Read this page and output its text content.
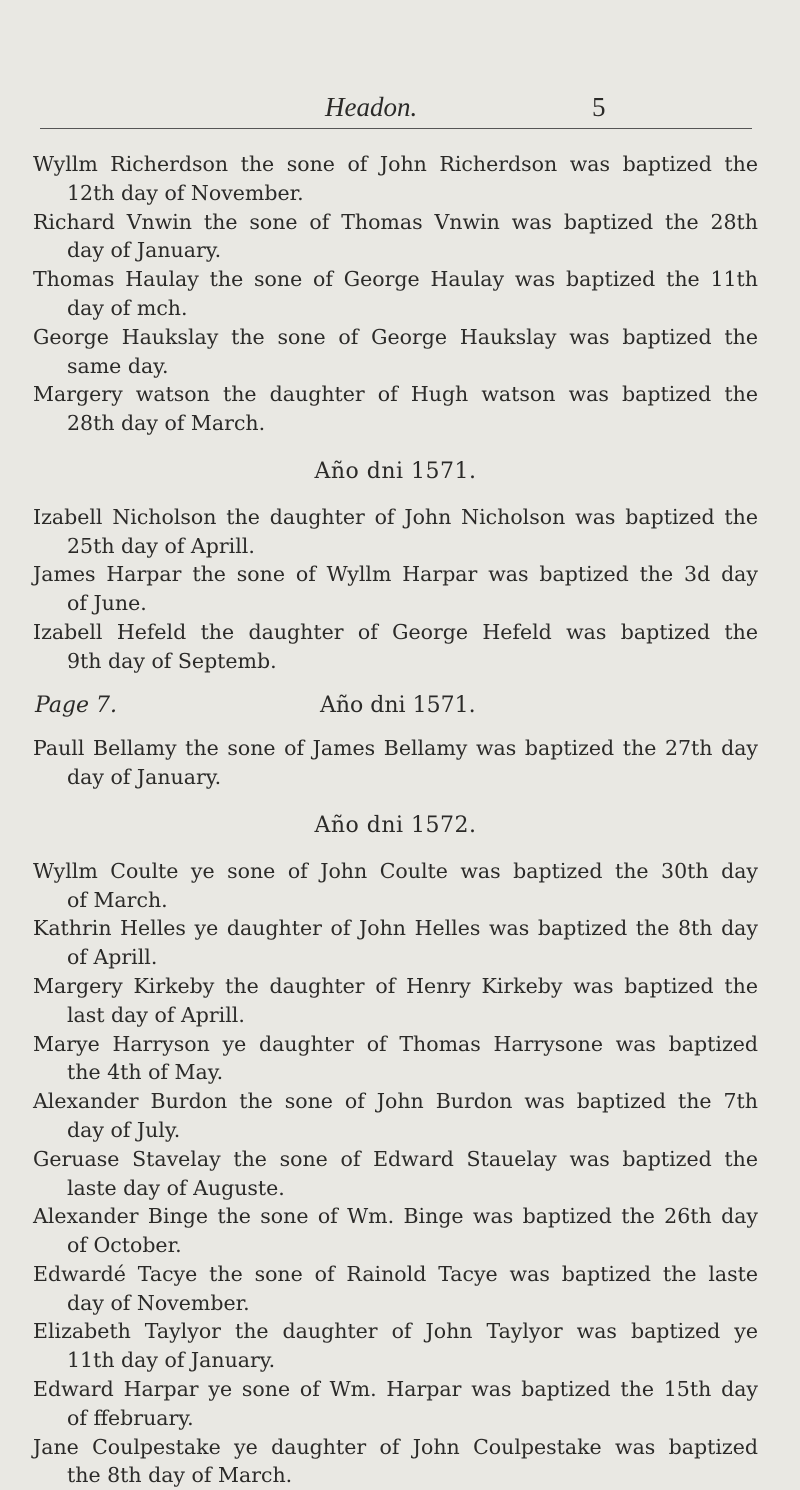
Headon.	5
Wyllm Richerdson the sone of John Richerdson was baptized the
12th day of November.
Richard Vnwin the sone of Thomas Vnwin was baptized the 28th
day of January.
Thomas Haulay the sone of George Haulay was baptized the 11th
day of mch.
George Haukslay the sone of George Haukslay was baptized the
same day.
Margery watson the daughter of Hugh watson was baptized the
28th day of March.
Año dni 1571.
Izabell Nicholson the daughter of John Nicholson was baptized the
25th day of Aprill.
James Harpar the sone of Wyllm Harpar was baptized the 3d day
of June.
Izabell Hefeld the daughter of George Hefeld was baptized the
9th day of Septemb.
Page 7.	Año dni 1571.
Paull Bellamy the sone of James Bellamy was baptized the 27th day
day of January.
Año dni 1572.
Wyllm Coulte ye sone of John Coulte was baptized the 30th day
of March.
Kathrin Helles ye daughter of John Helles was baptized the 8th day
of Aprill.
Margery Kirkeby the daughter of Henry Kirkeby was baptized the
last day of Aprill.
Marye Harryson ye daughter of Thomas Harrysone was baptized
the 4th of May.
Alexander Burdon the sone of John Burdon was baptized the 7th
day of July.
Geruase Stavelay the sone of Edward Stauelay was baptized the
laste day of Auguste.
Alexander Binge the sone of Wm. Binge was baptized the 26th day
of October.
Edwardé Tacye the sone of Rainold Tacye was baptized the laste
day of November.
Elizabeth Taylyor the daughter of John Taylyor was baptized ye
11th day of January.
Edward Harpar ye sone of Wm. Harpar was baptized the 15th day
of ffebruary.
Jane Coulpestake ye daughter of John Coulpestake was baptized
the 8th day of March.
